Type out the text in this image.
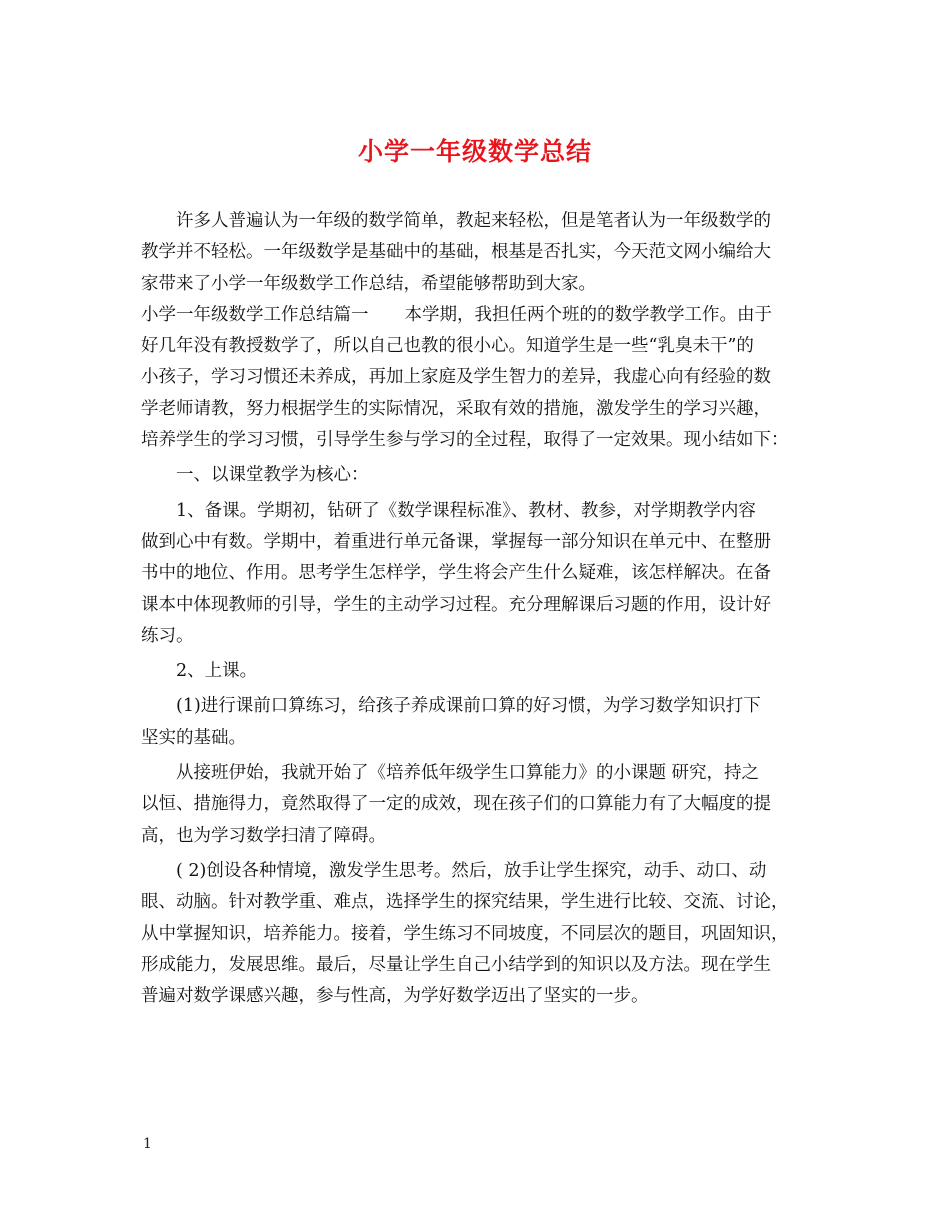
小学一年级数学总结
许多人普遍认为一年级的数学简单，教起来轻松，但是笔者认为一年级数学的
教学并不轻松。一年级数学是基础中的基础，根基是否扎实，今天范文网小编给大
家带来了小学一年级数学工作总结，希望能够帮助到大家。
小学一年级数学工作总结篇一 本学期，我担任两个班的的数学教学工作。由于
好几年没有教授数学了，所以自己也教的很小心。知道学生是一些“乳臭未干”的
小孩子，学习习惯还未养成，再加上家庭及学生智力的差异，我虚心向有经验的数
学老师请教，努力根据学生的实际情况，采取有效的措施，激发学生的学习兴趣，
培养学生的学习习惯，引导学生参与学习的全过程，取得了一定效果。现小结如下：
一、以课堂教学为核心：
1、备课。学期初，钻研了《数学课程标准》、教材、教参，对学期教学内容
做到心中有数。学期中，着重进行单元备课，掌握每一部分知识在单元中、在整册
书中的地位、作用。思考学生怎样学，学生将会产生什么疑难，该怎样解决。在备
课本中体现教师的引导，学生的主动学习过程。充分理解课后习题的作用，设计好
练习。
2、上课。
(1)进行课前口算练习，给孩子养成课前口算的好习惯，为学习数学知识打下
坚实的基础。
从接班伊始，我就开始了《培养低年级学生口算能力》的小课题 研究，持之
以恒、措施得力，竟然取得了一定的成效，现在孩子们的口算能力有了大幅度的提
高，也为学习数学扫清了障碍。
( 2)创设各种情境，激发学生思考。然后，放手让学生探究，动手、动口、动
眼、动脑。针对教学重、难点，选择学生的探究结果，学生进行比较、交流、讨论，
从中掌握知识，培养能力。接着，学生练习不同坡度，不同层次的题目，巩固知识，
形成能力，发展思维。最后，尽量让学生自己小结学到的知识以及方法。现在学生
普遍对数学课感兴趣，参与性高，为学好数学迈出了坚实的一步。
1
